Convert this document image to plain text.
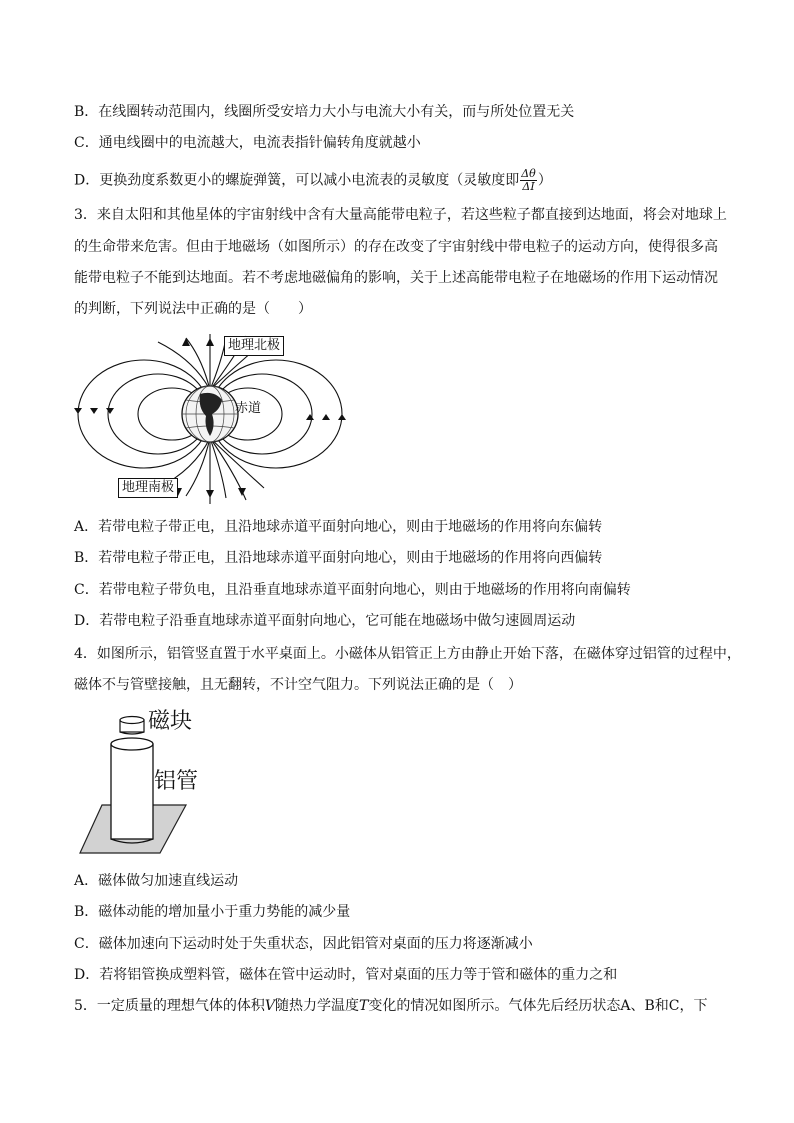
B．在线圈转动范围内，线圈所受安培力大小与电流大小有关，而与所处位置无关
C．通电线圈中的电流越大，电流表指针偏转角度就越小
D．更换劲度系数更小的螺旋弹簧，可以减小电流表的灵敏度（灵敏度即 $\frac{\Delta\theta}{\Delta I}$ ）
3．来自太阳和其他星体的宇宙射线中含有大量高能带电粒子，若这些粒子都直接到达地面，将会对地球上
的生命带来危害。但由于地磁场（如图所示）的存在改变了宇宙射线中带电粒子的运动方向，使得很多高
能带电粒子不能到达地面。若不考虑地磁偏角的影响，关于上述高能带电粒子在地磁场的作用下运动情况
的判断，下列说法中正确的是（　　）
地理北极
赤道
地理南极
A．若带电粒子带正电，且沿地球赤道平面射向地心，则由于地磁场的作用将向东偏转
B．若带电粒子带正电，且沿地球赤道平面射向地心，则由于地磁场的作用将向西偏转
C．若带电粒子带负电，且沿垂直地球赤道平面射向地心，则由于地磁场的作用将向南偏转
D．若带电粒子沿垂直地球赤道平面射向地心，它可能在地磁场中做匀速圆周运动
4．如图所示，铝管竖直置于水平桌面上。小磁体从铝管正上方由静止开始下落，在磁体穿过铝管的过程中，
磁体不与管壁接触，且无翻转，不计空气阻力。下列说法正确的是（　）
磁块
铝管
A．磁体做匀加速直线运动
B．磁体动能的增加量小于重力势能的减少量
C．磁体加速向下运动时处于失重状态，因此铝管对桌面的压力将逐渐减小
D．若将铝管换成塑料管，磁体在管中运动时，管对桌面的压力等于管和磁体的重力之和
5．一定质量的理想气体的体积V随热力学温度T变化的情况如图所示。气体先后经历状态A、B和C，下
